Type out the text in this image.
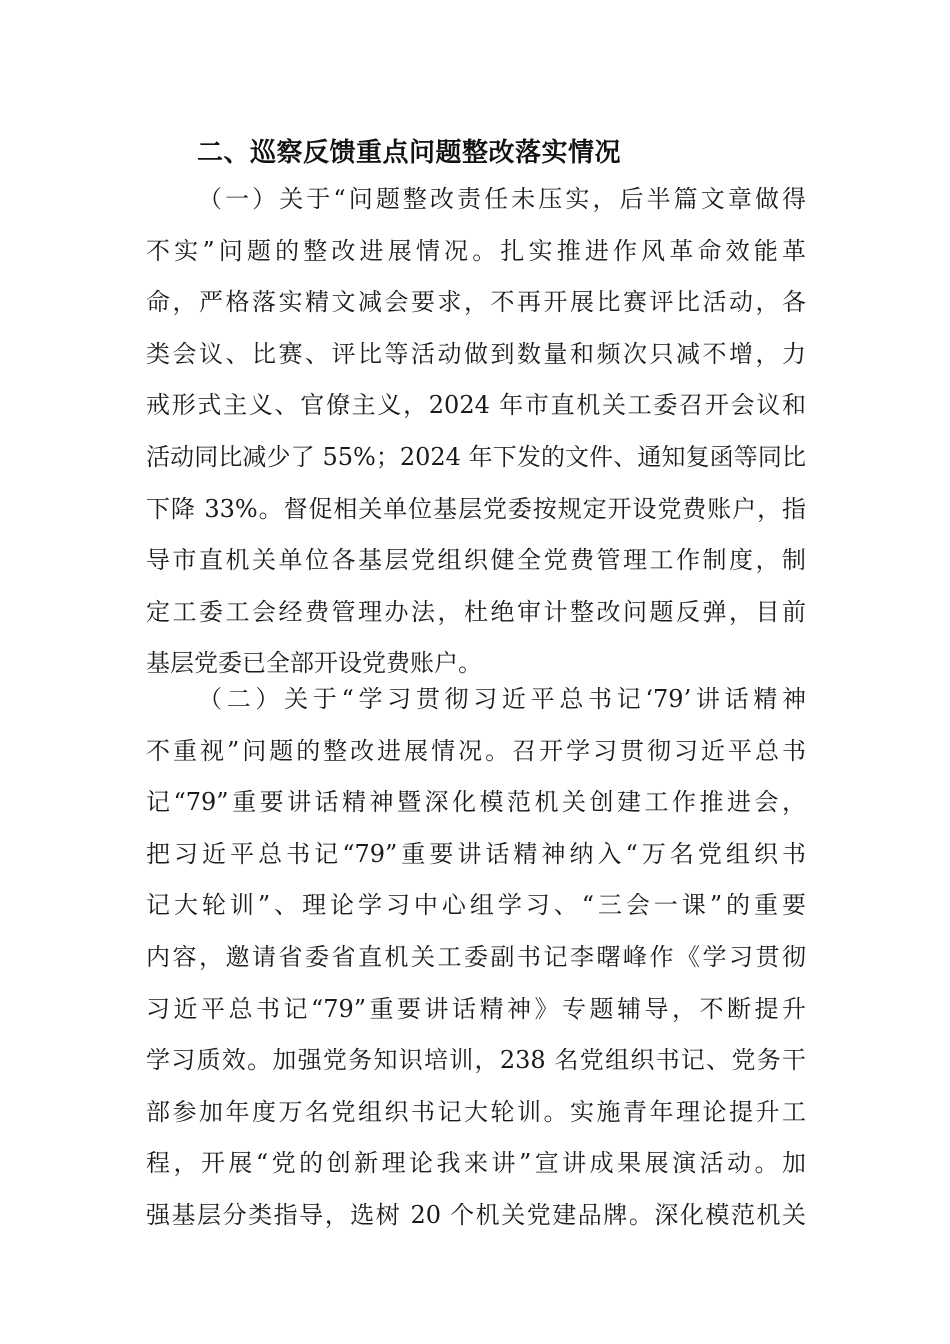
二、巡察反馈重点问题整改落实情况
（一）关于“问题整改责任未压实，后半篇文章做得
不实”问题的整改进展情况。扎实推进作风革命效能革
命，严格落实精文减会要求，不再开展比赛评比活动，各
类会议、比赛、评比等活动做到数量和频次只减不增，力
戒形式主义、官僚主义，2024 年市直机关工委召开会议和
活动同比减少了 55%；2024 年下发的文件、通知复函等同比
下降 33%。督促相关单位基层党委按规定开设党费账户，指
导市直机关单位各基层党组织健全党费管理工作制度，制
定工委工会经费管理办法，杜绝审计整改问题反弹，目前
基层党委已全部开设党费账户。
（二）关于“学习贯彻习近平总书记‘79’讲话精神
不重视”问题的整改进展情况。召开学习贯彻习近平总书
记“79”重要讲话精神暨深化模范机关创建工作推进会，
把习近平总书记“79”重要讲话精神纳入“万名党组织书
记大轮训”、理论学习中心组学习、“三会一课”的重要
内容，邀请省委省直机关工委副书记李曙峰作《学习贯彻
习近平总书记“79”重要讲话精神》专题辅导，不断提升
学习质效。加强党务知识培训，238 名党组织书记、党务干
部参加年度万名党组织书记大轮训。实施青年理论提升工
程，开展“党的创新理论我来讲”宣讲成果展演活动。加
强基层分类指导，选树 20 个机关党建品牌。深化模范机关
